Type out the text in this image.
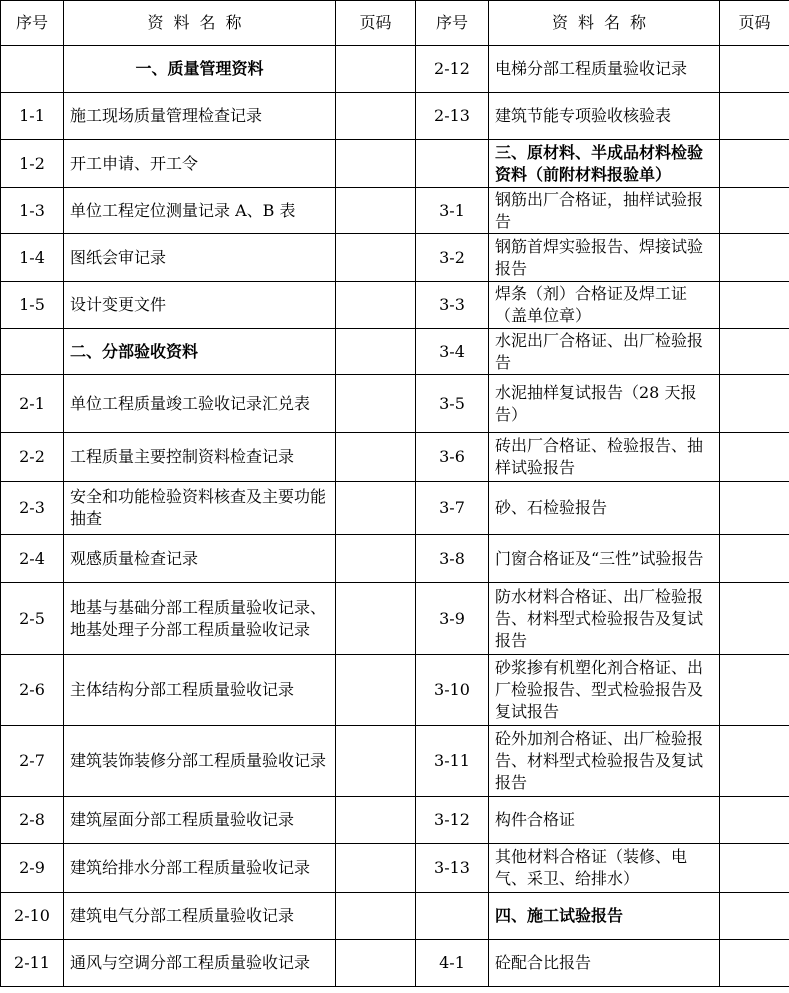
序号	资料名称	页码	序号	资料名称	页码
	一、质量管理资料		2-12	电梯分部工程质量验收记录	
1-1	施工现场质量管理检查记录		2-13	建筑节能专项验收核验表	
1-2	开工申请、开工令			三、原材料、半成品材料检验资料（前附材料报验单）	
1-3	单位工程定位测量记录 A、B 表		3-1	钢筋出厂合格证，抽样试验报告	
1-4	图纸会审记录		3-2	钢筋首焊实验报告、焊接试验报告	
1-5	设计变更文件		3-3	焊条（剂）合格证及焊工证（盖单位章）	
	二、分部验收资料		3-4	水泥出厂合格证、出厂检验报告	
2-1	单位工程质量竣工验收记录汇兑表		3-5	水泥抽样复试报告（28 天报告）	
2-2	工程质量主要控制资料检查记录		3-6	砖出厂合格证、检验报告、抽样试验报告	
2-3	安全和功能检验资料核查及主要功能抽查		3-7	砂、石检验报告	
2-4	观感质量检查记录		3-8	门窗合格证及“三性”试验报告	
2-5	地基与基础分部工程质量验收记录、地基处理子分部工程质量验收记录		3-9	防水材料合格证、出厂检验报告、材料型式检验报告及复试报告	
2-6	主体结构分部工程质量验收记录		3-10	砂浆掺有机塑化剂合格证、出厂检验报告、型式检验报告及复试报告	
2-7	建筑装饰装修分部工程质量验收记录		3-11	砼外加剂合格证、出厂检验报告、材料型式检验报告及复试报告	
2-8	建筑屋面分部工程质量验收记录		3-12	构件合格证	
2-9	建筑给排水分部工程质量验收记录		3-13	其他材料合格证（装修、电气、采卫、给排水）	
2-10	建筑电气分部工程质量验收记录			四、施工试验报告	
2-11	通风与空调分部工程质量验收记录		4-1	砼配合比报告	
